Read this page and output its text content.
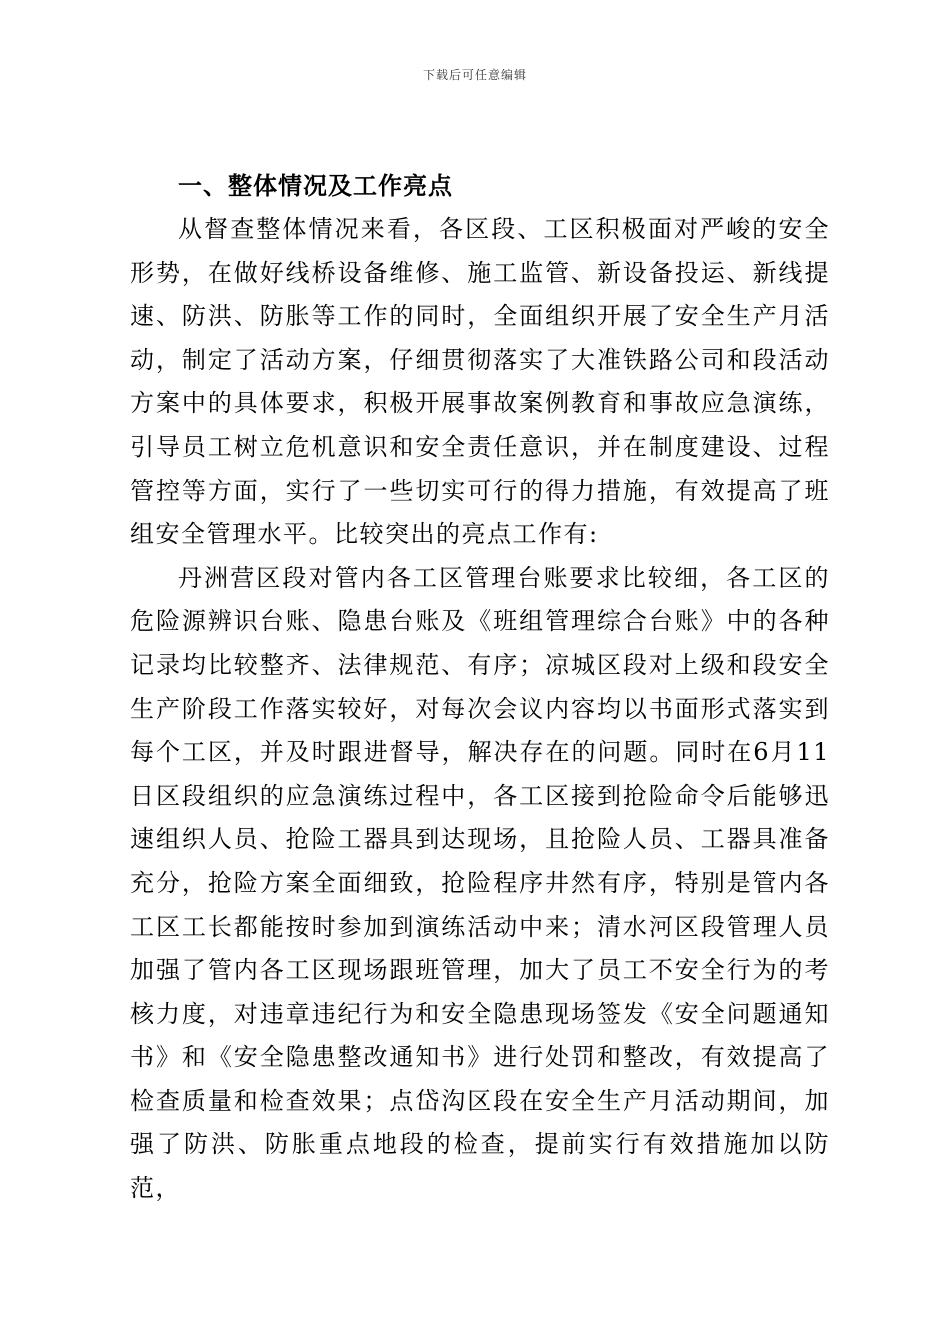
下载后可任意编辑
一、整体情况及工作亮点

从督查整体情况来看，各区段、工区积极面对严峻的安全形势，在做好线桥设备维修、施工监管、新设备投运、新线提速、防洪、防胀等工作的同时，全面组织开展了安全生产月活动，制定了活动方案，仔细贯彻落实了大准铁路公司和段活动方案中的具体要求，积极开展事故案例教育和事故应急演练，引导员工树立危机意识和安全责任意识，并在制度建设、过程管控等方面，实行了一些切实可行的得力措施，有效提高了班组安全管理水平。比较突出的亮点工作有:

丹洲营区段对管内各工区管理台账要求比较细，各工区的危险源辨识台账、隐患台账及《班组管理综合台账》中的各种记录均比较整齐、法律规范、有序；凉城区段对上级和段安全生产阶段工作落实较好，对每次会议内容均以书面形式落实到每个工区，并及时跟进督导，解决存在的问题。同时在6月11日区段组织的应急演练过程中，各工区接到抢险命令后能够迅速组织人员、抢险工器具到达现场，且抢险人员、工器具准备充分，抢险方案全面细致，抢险程序井然有序，特别是管内各工区工长都能按时参加到演练活动中来；清水河区段管理人员加强了管内各工区现场跟班管理，加大了员工不安全行为的考核力度，对违章违纪行为和安全隐患现场签发《安全问题通知书》和《安全隐患整改通知书》进行处罚和整改，有效提高了检查质量和检查效果；点岱沟区段在安全生产月活动期间，加强了防洪、防胀重点地段的检查，提前实行有效措施加以防范，
